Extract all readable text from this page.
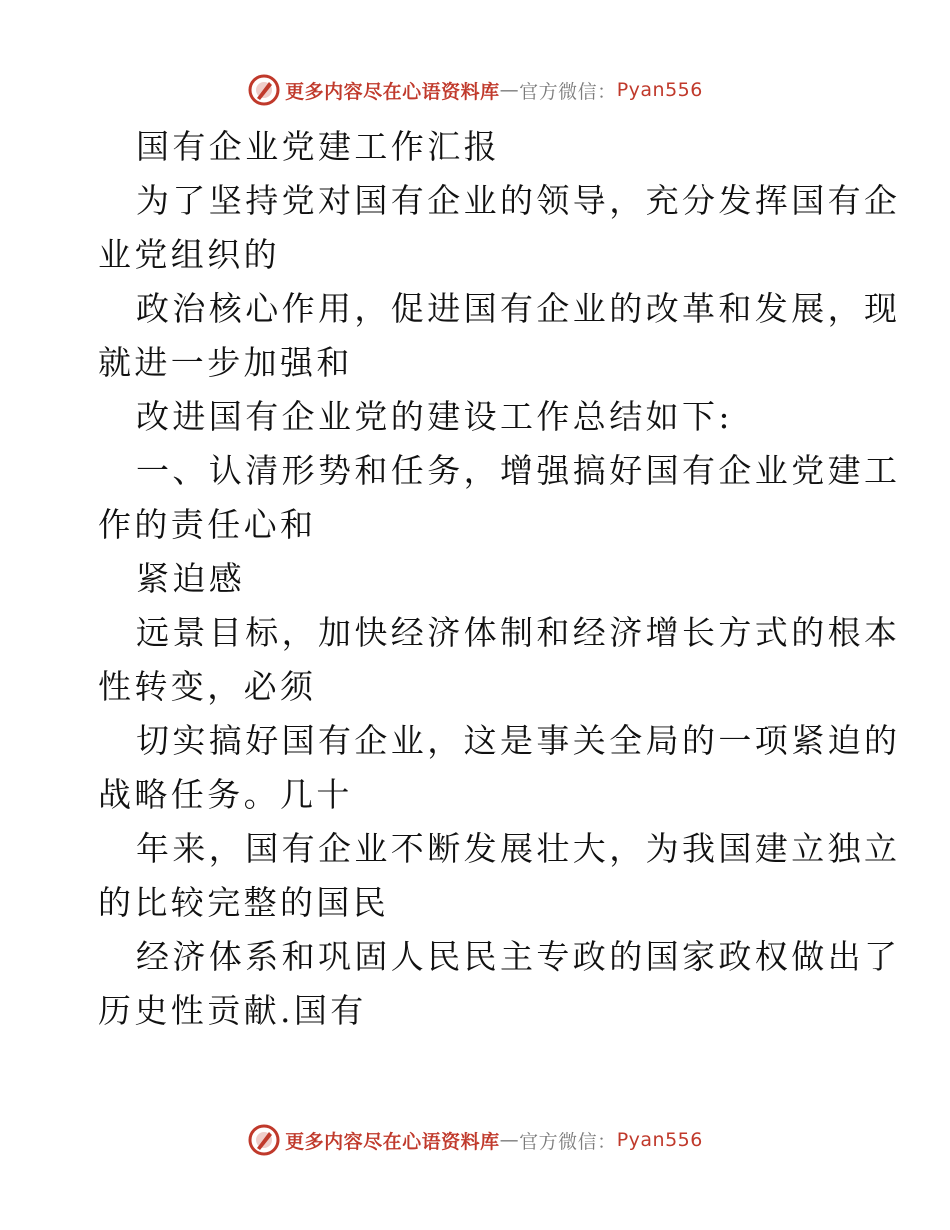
更多内容尽在心语资料库 — 官方微信： Pyan556

国有企业党建工作汇报

为了坚持党对国有企业的领导，充分发挥国有企

业党组织的

政治核心作用，促进国有企业的改革和发展，现

就进一步加强和

改进国有企业党的建设工作总结如下:

一、认清形势和任务，增强搞好国有企业党建工

作的责任心和

紧迫感

远景目标，加快经济体制和经济增长方式的根本

性转变，必须

切实搞好国有企业，这是事关全局的一项紧迫的

战略任务。几十

年来，国有企业不断发展壮大，为我国建立独立

的比较完整的国民

经济体系和巩固人民民主专政的国家政权做出了

历史性贡献.国有

更多内容尽在心语资料库 — 官方微信： Pyan556
